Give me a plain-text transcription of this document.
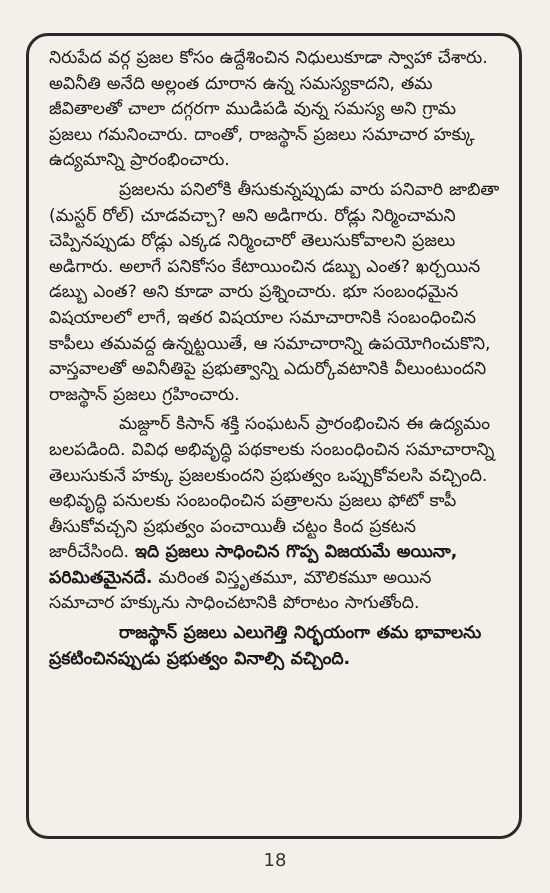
నిరుపేద వర్గ ప్రజల కోసం ఉద్దేశించిన నిధులుకూడా స్వాహా చేశారు. అవినీతి అనేది అల్లంత దూరాన ఉన్న సమస్యకాదని, తమ జీవితాలతో చాలా దగ్గరగా ముడిపడి వున్న సమస్య అని గ్రామ ప్రజలు గమనించారు. దాంతో, రాజస్థాన్ ప్రజలు సమాచార హక్కు ఉద్యమాన్ని ప్రారంభించారు.

ప్రజలను పనిలోకి తీసుకున్నప్పుడు వారు పనివారి జాబితా (మస్టర్ రోల్) చూడవచ్చా? అని అడిగారు. రోడ్లు నిర్మించామని చెప్పినప్పుడు రోడ్లు ఎక్కడ నిర్మించారో తెలుసుకోవాలని ప్రజలు అడిగారు. అలాగే పనికోసం కేటాయించిన డబ్బు ఎంత? ఖర్చయిన డబ్బు ఎంత? అని కూడా వారు ప్రశ్నించారు. భూ సంబంధమైన విషయాలలో లాగే, ఇతర విషయాల సమాచారానికి సంబంధించిన కాపీలు తమవద్ద ఉన్నట్టయితే, ఆ సమాచారాన్ని ఉపయోగించుకొని, వాస్తవాలతో అవినీతిపై ప్రభుత్వాన్ని ఎదుర్కోవటానికి వీలుంటుందని రాజస్థాన్ ప్రజలు గ్రహించారు.

మజ్దూర్ కిసాన్ శక్తి సంఘటన్ ప్రారంభించిన ఈ ఉద్యమం బలపడింది. వివిధ అభివృద్ధి పథకాలకు సంబంధించిన సమాచారాన్ని తెలుసుకునే హక్కు ప్రజలకుందని ప్రభుత్వం ఒప్పుకోవలసి వచ్చింది. అభివృద్ధి పనులకు సంబంధించిన పత్రాలను ప్రజలు ఫోటో కాపీ తీసుకోవచ్చని ప్రభుత్వం పంచాయితీ చట్టం కింద ప్రకటన జారీచేసింది. ఇది ప్రజలు సాధించిన గొప్ప విజయమే అయినా, పరిమితమైనదే. మరింత విస్తృతమూ, మౌలికమూ అయిన సమాచార హక్కును సాధించటానికి పోరాటం సాగుతోంది.

రాజస్థాన్ ప్రజలు ఎలుగెత్తి నిర్భయంగా తమ భావాలను ప్రకటించినప్పుడు ప్రభుత్వం వినాల్సి వచ్చింది.

18
